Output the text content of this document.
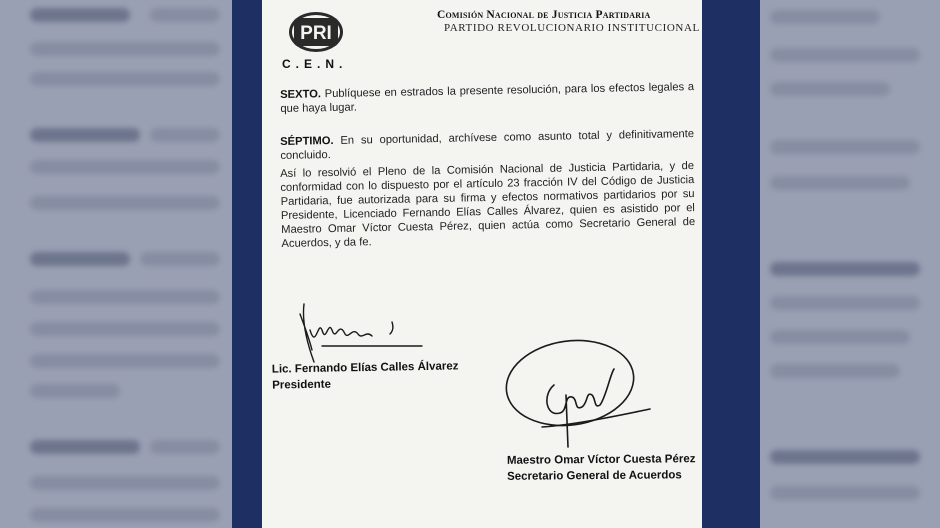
PRI
C.E.N.
Comisión Nacional de Justicia Partidaria
PARTIDO REVOLUCIONARIO INSTITUCIONAL
SEXTO. Publíquese en estrados la presente resolución, para los efectos legales a que haya lugar.
SÉPTIMO. En su oportunidad, archívese como asunto total y definitivamente concluido.
Así lo resolvió el Pleno de la Comisión Nacional de Justicia Partidaria, y de conformidad con lo dispuesto por el artículo 23 fracción IV del Código de Justicia Partidaria, fue autorizada para su firma y efectos normativos partidarios por su Presidente, Licenciado Fernando Elías Calles Álvarez, quien es asistido por el Maestro Omar Víctor Cuesta Pérez, quien actúa como Secretario General de Acuerdos, y da fe.
Lic. Fernando Elías Calles Álvarez
Presidente
Maestro Omar Víctor Cuesta Pérez
Secretario General de Acuerdos
